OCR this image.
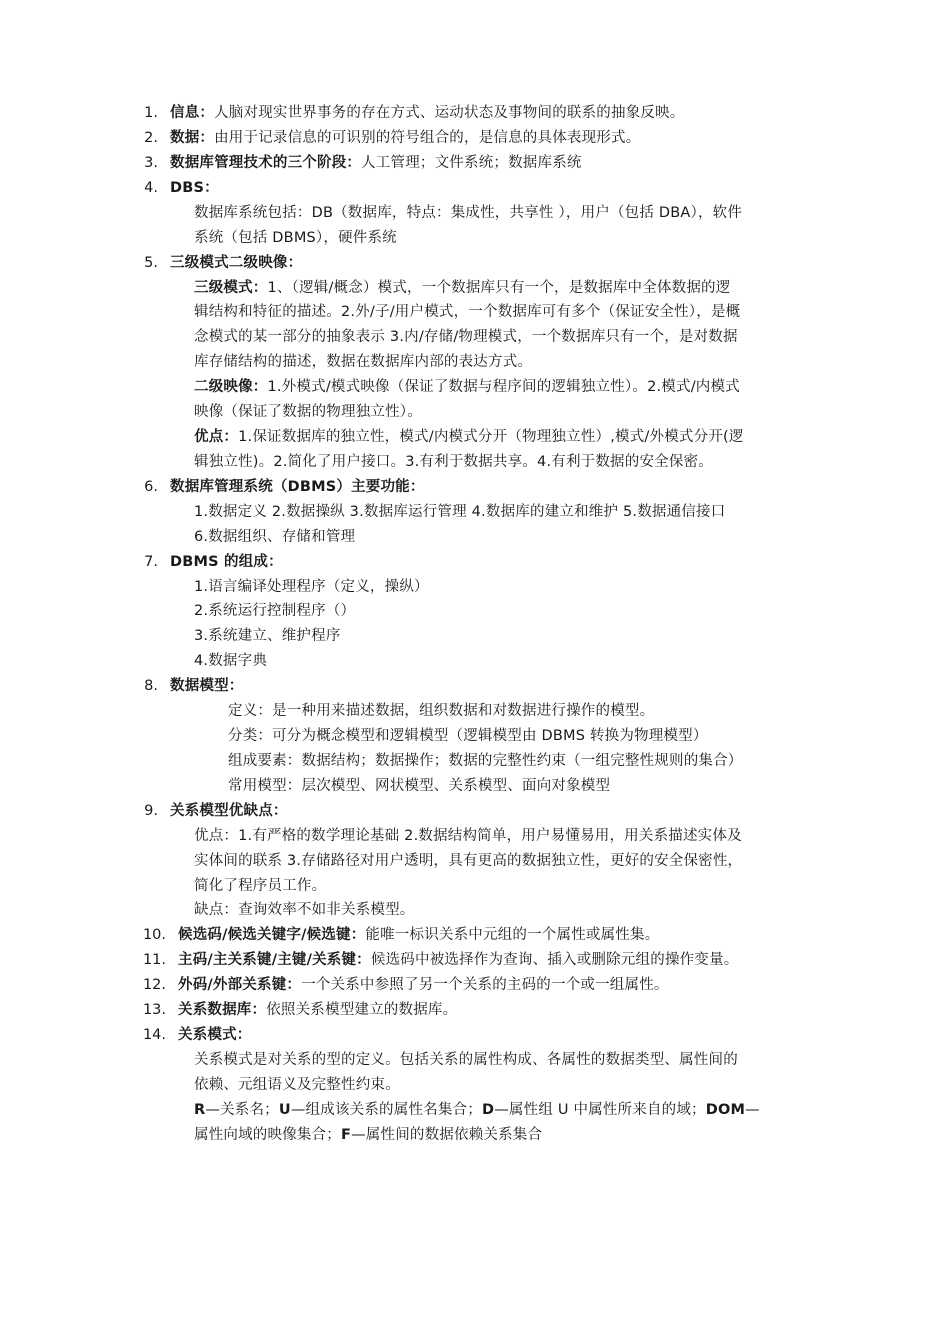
1. 信息：人脑对现实世界事务的存在方式、运动状态及事物间的联系的抽象反映。
2. 数据：由用于记录信息的可识别的符号组合的，是信息的具体表现形式。
3. 数据库管理技术的三个阶段：人工管理；文件系统；数据库系统
4. DBS：
数据库系统包括：DB（数据库，特点：集成性，共享性 ），用户（包括 DBA），软件
系统（包括 DBMS），硬件系统
5. 三级模式二级映像：
三级模式：1、（逻辑/概念）模式，一个数据库只有一个，是数据库中全体数据的逻
辑结构和特征的描述。2.外/子/用户模式，一个数据库可有多个（保证安全性），是概
念模式的某一部分的抽象表示 3.内/存储/物理模式，一个数据库只有一个，是对数据
库存储结构的描述，数据在数据库内部的表达方式。
二级映像：1.外模式/模式映像（保证了数据与程序间的逻辑独立性）。2.模式/内模式
映像（保证了数据的物理独立性）。
优点：1.保证数据库的独立性，模式/内模式分开（物理独立性）,模式/外模式分开(逻
辑独立性)。2.简化了用户接口。3.有利于数据共享。4.有利于数据的安全保密。
6. 数据库管理系统（DBMS）主要功能：
1.数据定义 2.数据操纵 3.数据库运行管理 4.数据库的建立和维护 5.数据通信接口
6.数据组织、存储和管理
7. DBMS 的组成：
1.语言编译处理程序（定义，操纵）
2.系统运行控制程序（）
3.系统建立、维护程序
4.数据字典
8. 数据模型：
定义：是一种用来描述数据，组织数据和对数据进行操作的模型。
分类：可分为概念模型和逻辑模型（逻辑模型由 DBMS 转换为物理模型）
组成要素：数据结构；数据操作；数据的完整性约束（一组完整性规则的集合）
常用模型：层次模型、网状模型、关系模型、面向对象模型
9. 关系模型优缺点：
优点：1.有严格的数学理论基础 2.数据结构简单，用户易懂易用，用关系描述实体及
实体间的联系 3.存储路径对用户透明，具有更高的数据独立性，更好的安全保密性，
简化了程序员工作。
缺点：查询效率不如非关系模型。
10. 候选码/候选关键字/候选键：能唯一标识关系中元组的一个属性或属性集。
11. 主码/主关系键/主键/关系键：候选码中被选择作为查询、插入或删除元组的操作变量。
12. 外码/外部关系键：一个关系中参照了另一个关系的主码的一个或一组属性。
13. 关系数据库：依照关系模型建立的数据库。
14. 关系模式：
关系模式是对关系的型的定义。包括关系的属性构成、各属性的数据类型、属性间的
依赖、元组语义及完整性约束。
R—关系名；U—组成该关系的属性名集合；D—属性组 U 中属性所来自的域；DOM—
属性向域的映像集合；F—属性间的数据依赖关系集合
